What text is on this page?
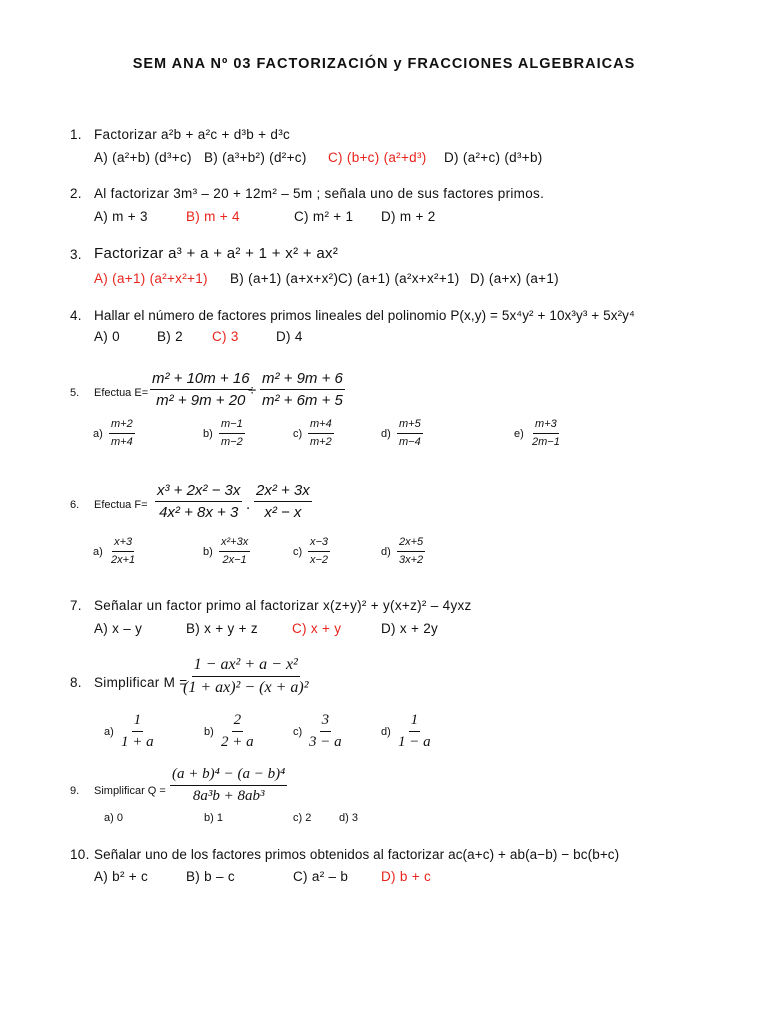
SEM ANA Nº 03 FACTORIZACIÓN y FRACCIONES ALGEBRAICAS
1. Factorizar a²b + a²c + d³b + d³c
A) (a²+b) (d³+c) B) (a³+b²) (d²+c) C) (b+c) (a²+d³) D) (a²+c) (d³+b)
2. Al factorizar 3m³ – 20 + 12m² – 5m ; señala uno de sus factores primos.
A) m + 3	B) m + 4	C) m² + 1 D) m + 2
3. Factorizar a³ + a + a² + 1 + x² + ax²
A) (a+1) (a²+x²+1) B) (a+1) (a+x+x²) C) (a+1) (a²x+x²+1) D) (a+x) (a+1)
4. Hallar el número de factores primos lineales del polinomio P(x,y) = 5x⁴y² + 10x³y³ + 5x²y⁴
A) 0	B) 2 C) 3	D) 4
5. Efectua $E= \frac{\text{m² + 10m + 16}}{\text{m² + 9m + 20}}$
÷ $\frac{\text{m² + 9m + 6}}{\text{m² + 6m + 5}}$
$a) \frac{m+2}{m+4}$	$b) \frac{m-1}{m-2}$	$c) \frac{m+4}{m+2}$	$d) \frac{m+5}{m-4}$	$e) \frac{m+3}{2m-1}$
6. Efectua $F= \frac{\text{x³ + 2x² − 3x}}{\text{4x² + 8x + 3}}$ . $\frac{\text{2x² + 3x}}{\text{x² − x}}$
$a) \frac{x+3}{2x+1}$	$b) \frac{\text{x²+3x}}{2x-1}$	$c) \frac{x-3}{x-2}$	$d) \frac{2x+5}{3x+2}$
7. Señalar un factor primo al factorizar x(z+y)² + y(x+z)² – 4yxz
A) x – y	B) x + y + z	C) x + y	D) x + 2y
8. Simplificar M =
$\frac{\text{1 − ax² + a − x²}}{\text{(1 + ax)² − (x + a)²}}$
$a) \frac{1}{1 + a}$	$b) \frac{2}{2 + a}$	$c) \frac{3}{3 - a}$	$d) \frac{1}{1 - a}$
9. Simplificar $Q = \frac{\text{(a + b)⁴ − (a − b)⁴}}{\text{8a³b + 8ab³}}$
a) 0	b) 1	c) 2	d) 3
10. Señalar uno de los factores primos obtenidos al factorizar ac(a+c) + ab(a−b) − bc(b+c)
A) b² + c	B) b – c	C) a² – b D) b + c
